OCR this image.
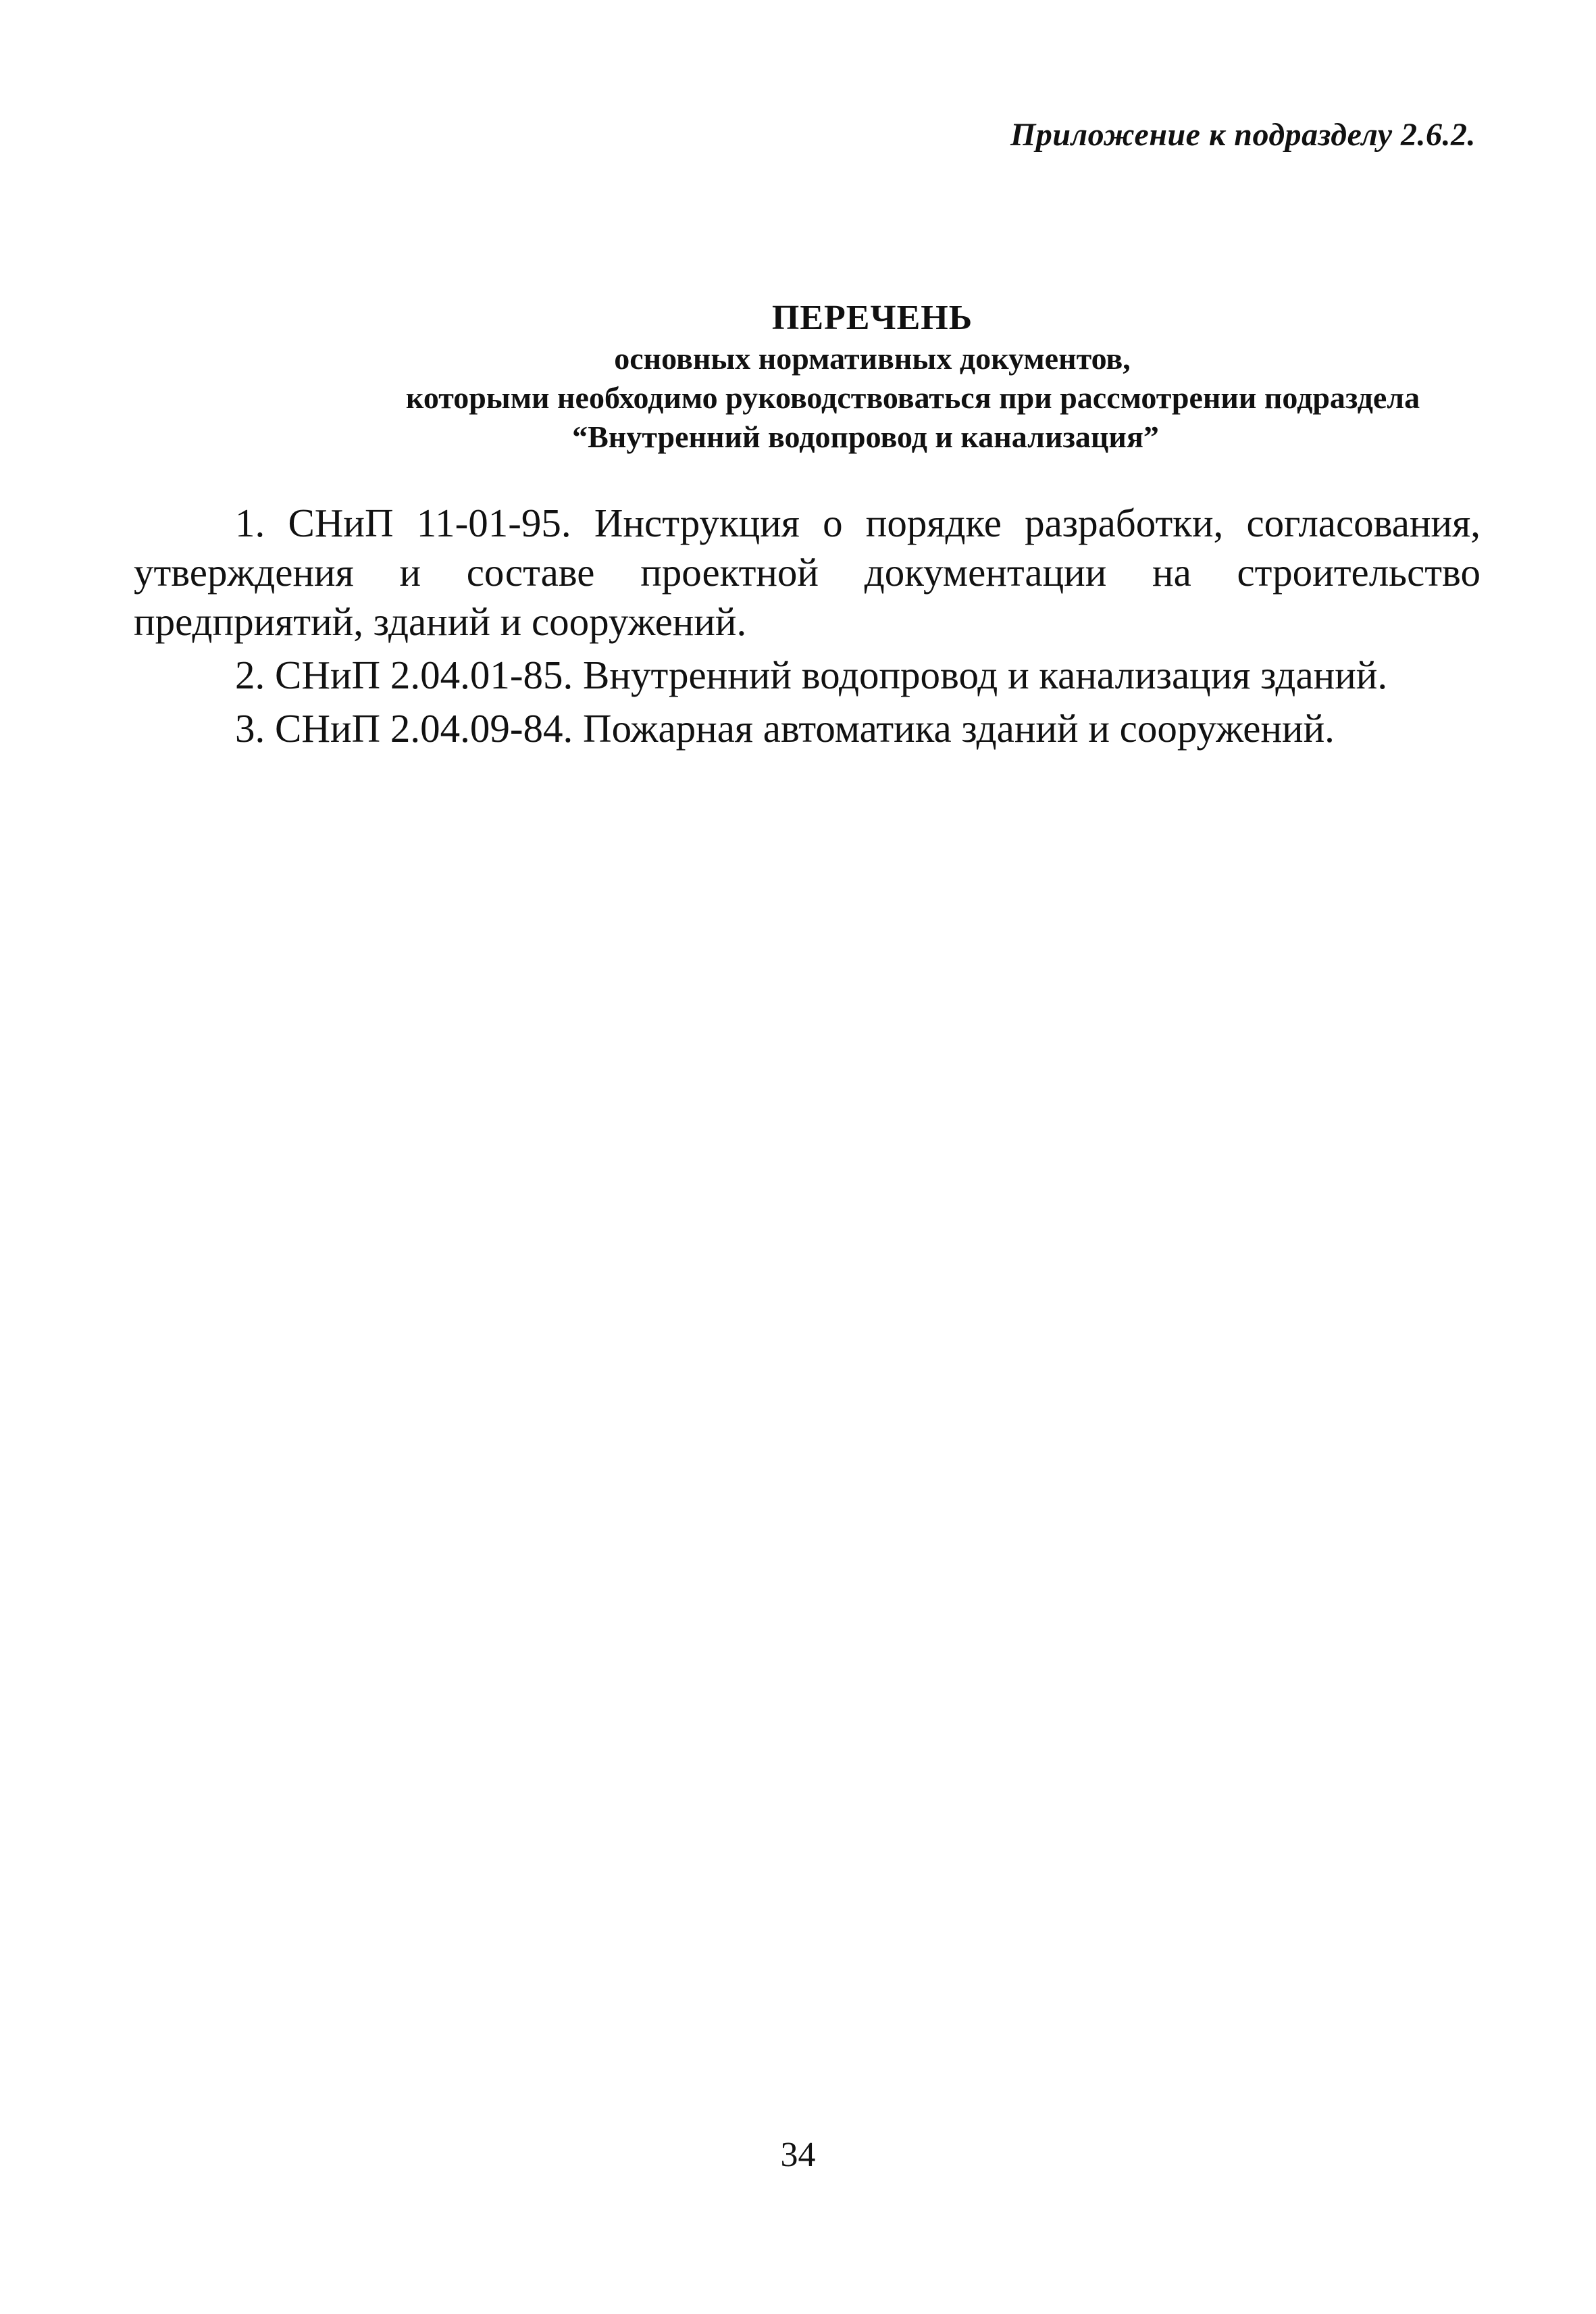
Приложение к подразделу 2.6.2.
ПЕРЕЧЕНЬ
основных нормативных документов,
которыми необходимо руководствоваться при рассмотрении подраздела
“Внутренний водопровод и канализация”
1. СНиП 11-01-95. Инструкция о порядке разработки, согласования, утверждения и составе проектной документации на строительство предприятий, зданий и сооружений.
2. СНиП 2.04.01-85. Внутренний водопровод и канализация зданий.
3. СНиП 2.04.09-84. Пожарная автоматика зданий и сооружений.
34
